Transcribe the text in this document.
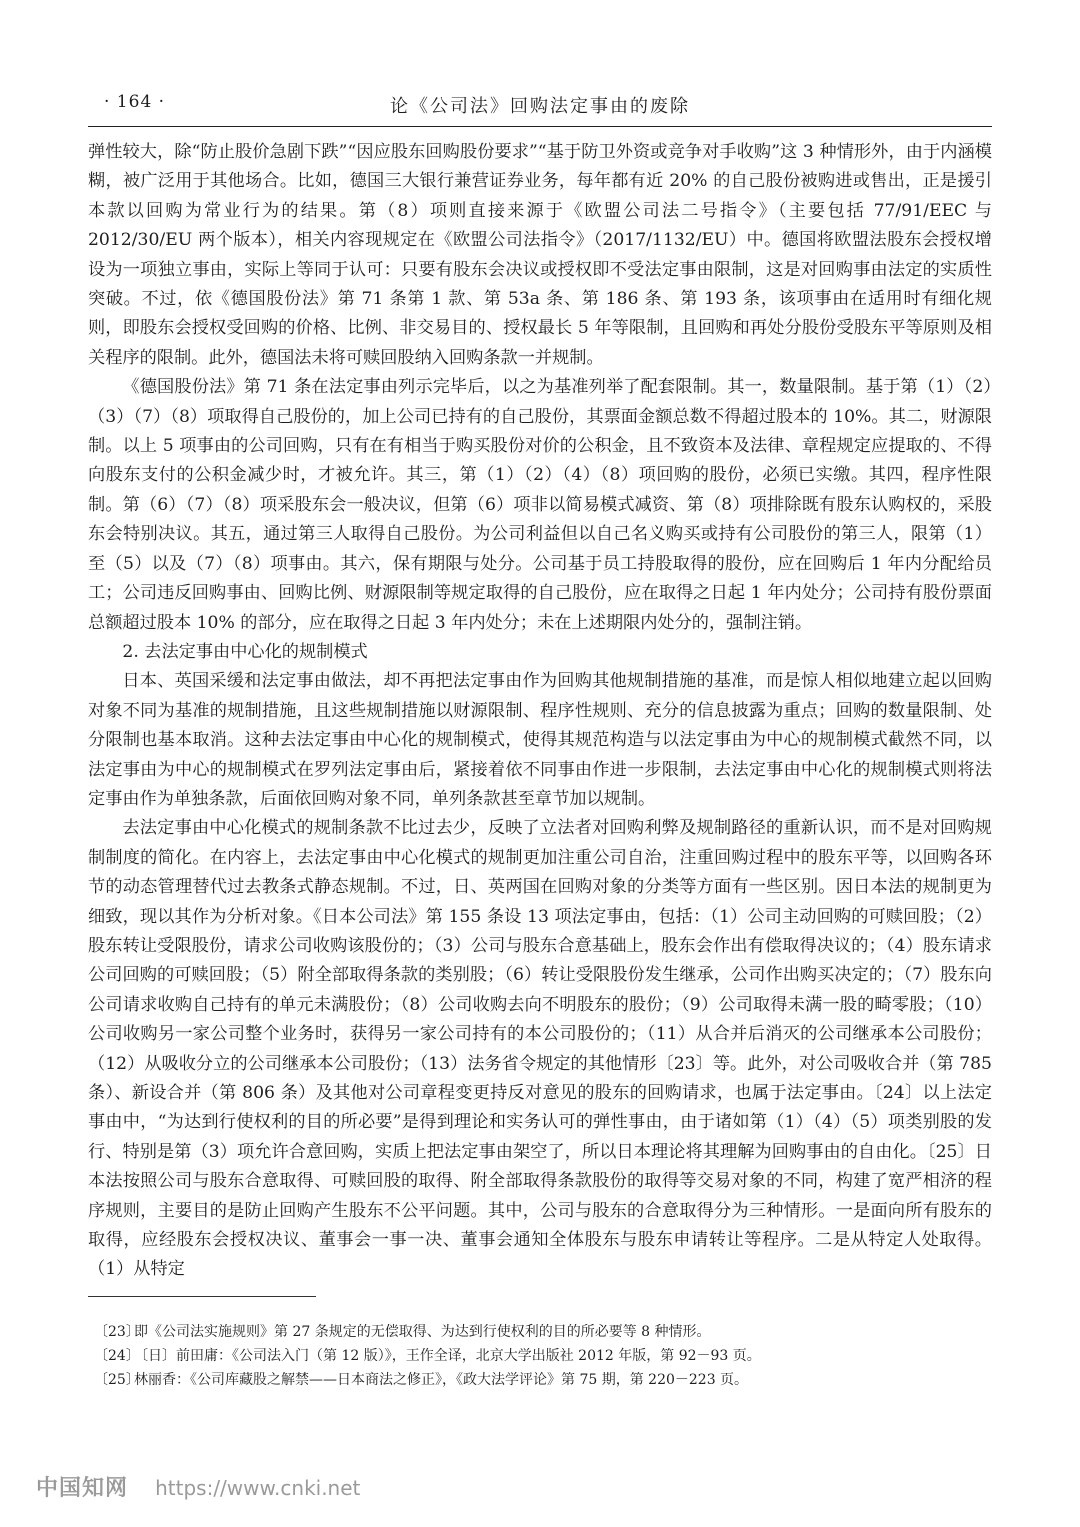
· 164 ·	论《公司法》回购法定事由的废除

弹性较大，除“防止股价急剧下跌”“因应股东回购股份要求”“基于防卫外资或竞争对手收购”这 3 种情形外，由于内涵模糊，被广泛用于其他场合。比如，德国三大银行兼营证券业务，每年都有近 20% 的自己股份被购进或售出，正是援引本款以回购为常业行为的结果。第（8）项则直接来源于《欧盟公司法二号指令》（主要包括 77/91/EEC 与 2012/30/EU 两个版本），相关内容现规定在《欧盟公司法指令》（2017/1132/EU）中。德国将欧盟法股东会授权增设为一项独立事由，实际上等同于认可：只要有股东会决议或授权即不受法定事由限制，这是对回购事由法定的实质性突破。不过，依《德国股份法》第 71 条第 1 款、第 53a 条、第 186 条、第 193 条，该项事由在适用时有细化规则，即股东会授权受回购的价格、比例、非交易目的、授权最长 5 年等限制，且回购和再处分股份受股东平等原则及相关程序的限制。此外，德国法未将可赎回股纳入回购条款一并规制。

《德国股份法》第 71 条在法定事由列示完毕后，以之为基准列举了配套限制。其一，数量限制。基于第（1）（2）（3）（7）（8）项取得自己股份的，加上公司已持有的自己股份，其票面金额总数不得超过股本的 10%。其二，财源限制。以上 5 项事由的公司回购，只有在有相当于购买股份对价的公积金，且不致资本及法律、章程规定应提取的、不得向股东支付的公积金减少时，才被允许。其三，第（1）（2）（4）（8）项回购的股份，必须已实缴。其四，程序性限制。第（6）（7）（8）项采股东会一般决议，但第（6）项非以简易模式减资、第（8）项排除既有股东认购权的，采股东会特别决议。其五，通过第三人取得自己股份。为公司利益但以自己名义购买或持有公司股份的第三人，限第（1）至（5）以及（7）（8）项事由。其六，保有期限与处分。公司基于员工持股取得的股份，应在回购后 1 年内分配给员工；公司违反回购事由、回购比例、财源限制等规定取得的自己股份，应在取得之日起 1 年内处分；公司持有股份票面总额超过股本 10% 的部分，应在取得之日起 3 年内处分；未在上述期限内处分的，强制注销。

2. 去法定事由中心化的规制模式

日本、英国采缓和法定事由做法，却不再把法定事由作为回购其他规制措施的基准，而是惊人相似地建立起以回购对象不同为基准的规制措施，且这些规制措施以财源限制、程序性规则、充分的信息披露为重点；回购的数量限制、处分限制也基本取消。这种去法定事由中心化的规制模式，使得其规范构造与以法定事由为中心的规制模式截然不同，以法定事由为中心的规制模式在罗列法定事由后，紧接着依不同事由作进一步限制，去法定事由中心化的规制模式则将法定事由作为单独条款，后面依回购对象不同，单列条款甚至章节加以规制。

去法定事由中心化模式的规制条款不比过去少，反映了立法者对回购利弊及规制路径的重新认识，而不是对回购规制制度的简化。在内容上，去法定事由中心化模式的规制更加注重公司自治，注重回购过程中的股东平等，以回购各环节的动态管理替代过去教条式静态规制。不过，日、英两国在回购对象的分类等方面有一些区别。因日本法的规制更为细致，现以其作为分析对象。《日本公司法》第 155 条设 13 项法定事由，包括：（1）公司主动回购的可赎回股；（2）股东转让受限股份，请求公司收购该股份的；（3）公司与股东合意基础上，股东会作出有偿取得决议的；（4）股东请求公司回购的可赎回股；（5）附全部取得条款的类别股；（6）转让受限股份发生继承，公司作出购买决定的；（7）股东向公司请求收购自己持有的单元未满股份；（8）公司收购去向不明股东的股份；（9）公司取得未满一股的畸零股；（10）公司收购另一家公司整个业务时，获得另一家公司持有的本公司股份的；（11）从合并后消灭的公司继承本公司股份；（12）从吸收分立的公司继承本公司股份；（13）法务省令规定的其他情形〔23〕等。此外，对公司吸收合并（第 785 条）、新设合并（第 806 条）及其他对公司章程变更持反对意见的股东的回购请求，也属于法定事由。〔24〕以上法定事由中，“为达到行使权利的目的所必要”是得到理论和实务认可的弹性事由，由于诸如第（1）（4）（5）项类别股的发行、特别是第（3）项允许合意回购，实质上把法定事由架空了，所以日本理论将其理解为回购事由的自由化。〔25〕日本法按照公司与股东合意取得、可赎回股的取得、附全部取得条款股份的取得等交易对象的不同，构建了宽严相济的程序规则，主要目的是防止回购产生股东不公平问题。其中，公司与股东的合意取得分为三种情形。一是面向所有股东的取得，应经股东会授权决议、董事会一事一决、董事会通知全体股东与股东申请转让等程序。二是从特定人处取得。（1）从特定

〔23〕
即《公司法实施规则》第 27 条规定的无偿取得、为达到行使权利的目的所必要等 8 种情形。
〔24〕
〔日〕前田庸：《公司法入门（第 12 版）》，王作全译，北京大学出版社 2012 年版，第 92－93 页。
〔25〕
林丽香：《公司库藏股之解禁——日本商法之修正》，《政大法学评论》第 75 期，第 220－223 页。
中国知网 https://www.cnki.net
